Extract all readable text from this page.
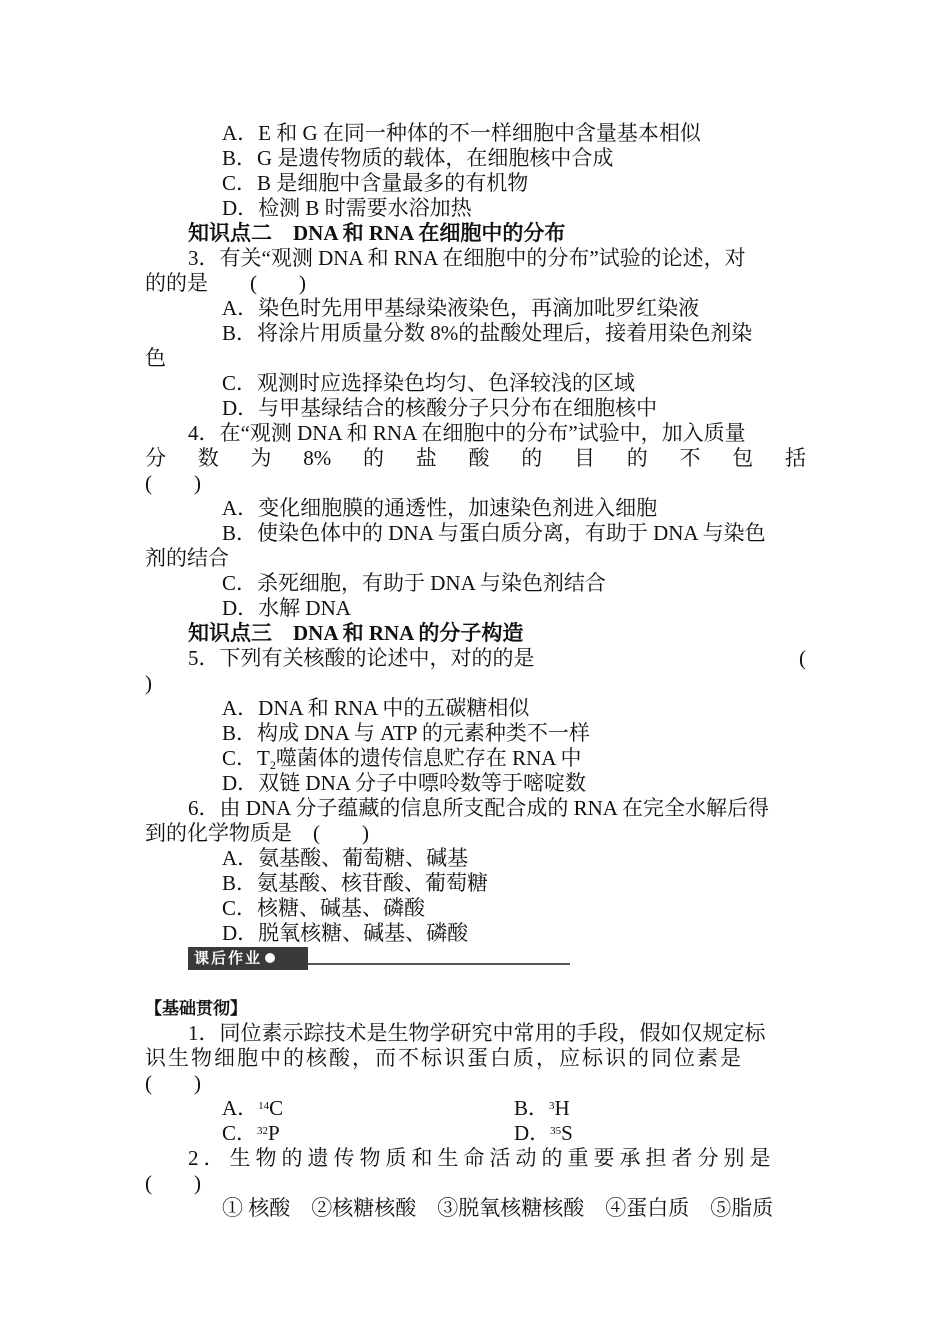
A．E 和 G 在同一种体的不一样细胞中含量基本相似
B．G 是遗传物质的载体，在细胞核中合成
C．B 是细胞中含量最多的有机物
D．检测 B 时需要水浴加热
知识点二　DNA 和 RNA 在细胞中的分布
3．有关“观测 DNA 和 RNA 在细胞中的分布”试验的论述，对
的的是　　(　　)
A．染色时先用甲基绿染液染色，再滴加吡罗红染液
B．将涂片用质量分数 8%的盐酸处理后，接着用染色剂染
色
C．观测时应选择染色均匀、色泽较浅的区域
D．与甲基绿结合的核酸分子只分布在细胞核中
4．在“观测 DNA 和 RNA 在细胞中的分布”试验中，加入质量
分 数 为 8% 的 盐 酸 的 目 的 不 包 括
(　　)
A．变化细胞膜的通透性，加速染色剂进入细胞
B．使染色体中的 DNA 与蛋白质分离，有助于 DNA 与染色
剂的结合
C．杀死细胞，有助于 DNA 与染色剂结合
D．水解 DNA
知识点三　DNA 和 RNA 的分子构造
5．下列有关核酸的论述中，对的的是	(
)
A．DNA 和 RNA 中的五碳糖相似
B．构成 DNA 与 ATP 的元素种类不一样
C．$T_2$噬菌体的遗传信息贮存在 RNA 中
D．双链 DNA 分子中嘌呤数等于嘧啶数
6．由 DNA 分子蕴藏的信息所支配合成的 RNA 在完全水解后得
到的化学物质是　(　　)
A．氨基酸、葡萄糖、碱基
B．氨基酸、核苷酸、葡萄糖
C．核糖、碱基、磷酸
D．脱氧核糖、碱基、磷酸
课后作业
【基础贯彻】
1．同位素示踪技术是生物学研究中常用的手段，假如仅规定标
识生物细胞中的核酸，而不标识蛋白质，应标识的同位素是
(　　)
A．$^{14}$C	B．$^3$H
C．$^{32}$P	D．$^{35}$S
2．生物的遗传物质和生命活动的重要承担者分别是
(　　)
① 核酸　②核糖核酸　③脱氧核糖核酸　④蛋白质　⑤脂质
